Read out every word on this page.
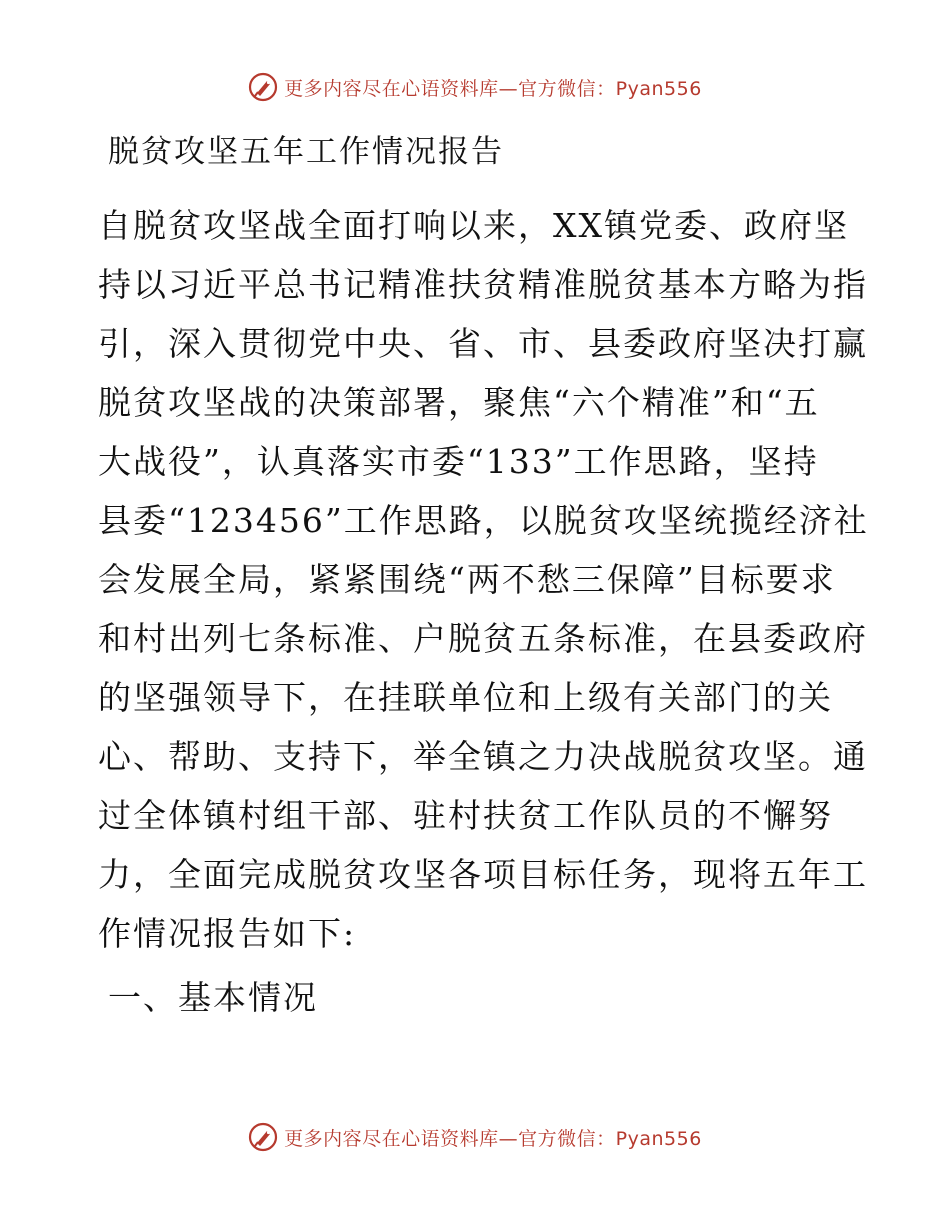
更多内容尽在心语资料库—官方微信：Pyan556
脱贫攻坚五年工作情况报告
自脱贫攻坚战全面打响以来，XX镇党委、政府坚
持以习近平总书记精准扶贫精准脱贫基本方略为指
引，深入贯彻党中央、省、市、县委政府坚决打赢
脱贫攻坚战的决策部署，聚焦“六个精准”和“五
大战役”，认真落实市委“133”工作思路，坚持
县委“123456”工作思路，以脱贫攻坚统揽经济社
会发展全局，紧紧围绕“两不愁三保障”目标要求
和村出列七条标准、户脱贫五条标准，在县委政府
的坚强领导下，在挂联单位和上级有关部门的关
心、帮助、支持下，举全镇之力决战脱贫攻坚。通
过全体镇村组干部、驻村扶贫工作队员的不懈努
力，全面完成脱贫攻坚各项目标任务，现将五年工
作情况报告如下:
一、基本情况
更多内容尽在心语资料库—官方微信：Pyan556
